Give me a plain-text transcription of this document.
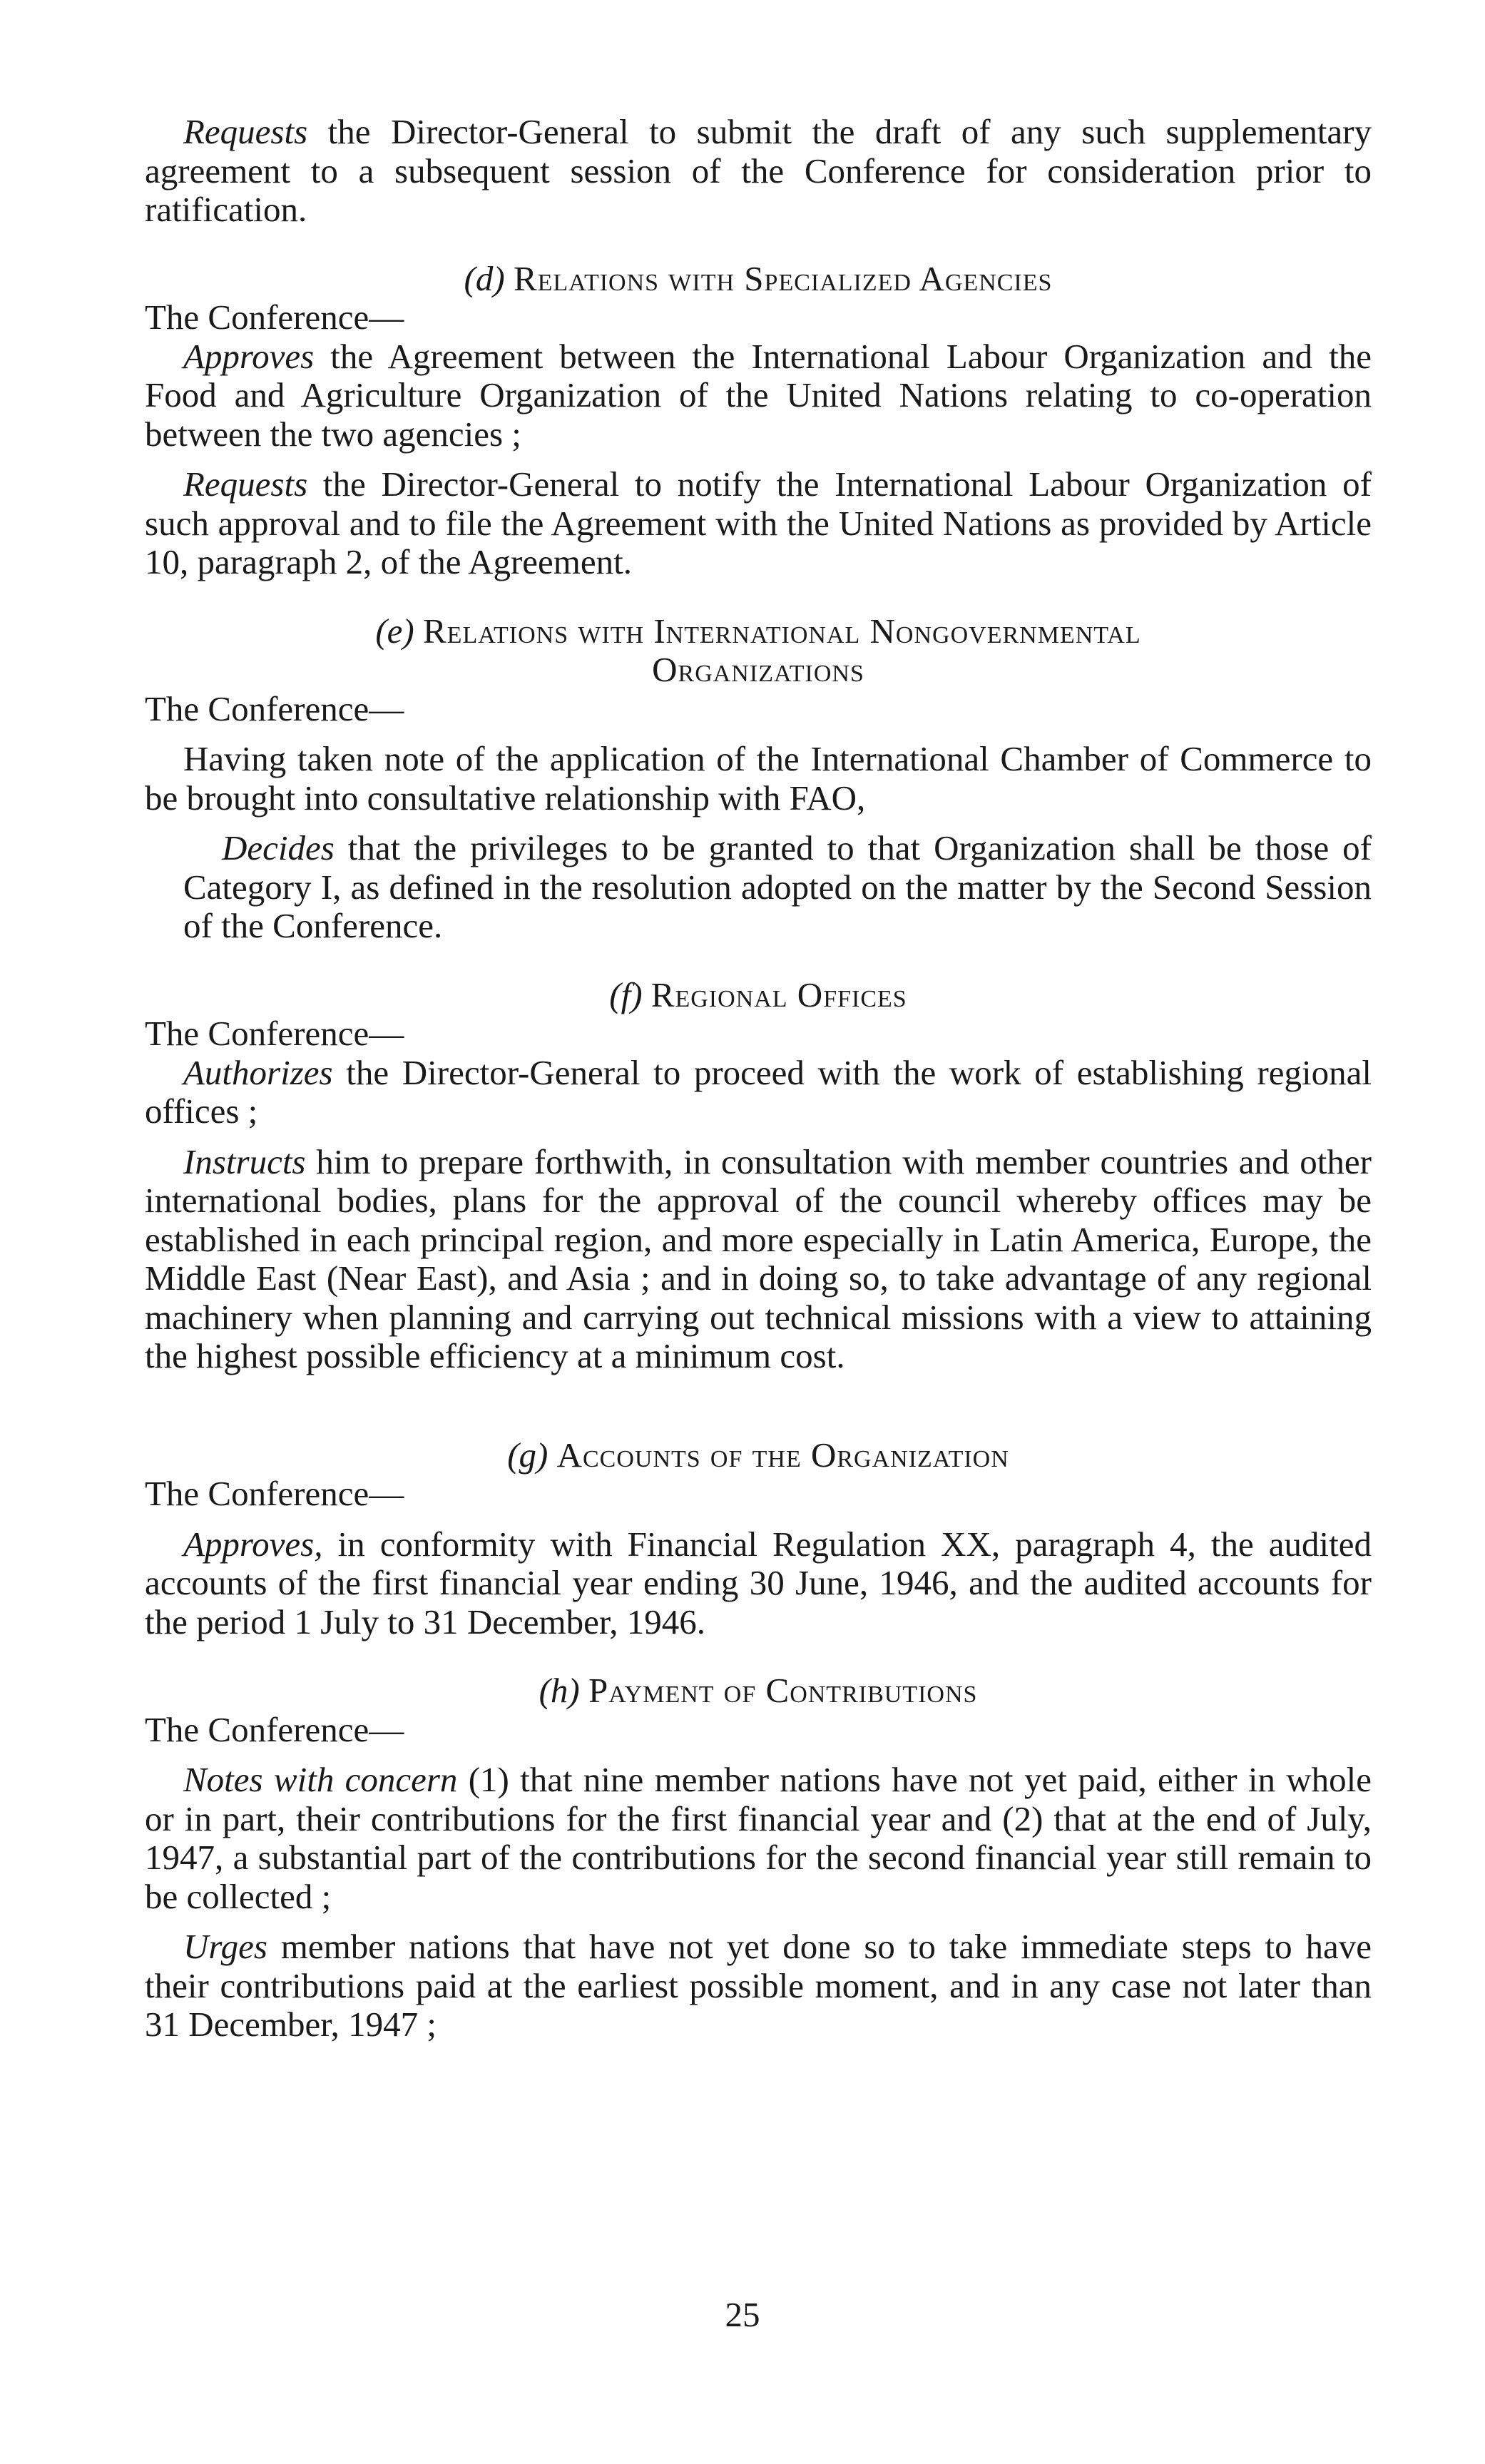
Requests the Director-General to submit the draft of any such supplementary agreement to a subsequent session of the Conference for consideration prior to ratification.

(d) Relations with Specialized Agencies

The Conference—

Approves the Agreement between the International Labour Organization and the Food and Agriculture Organization of the United Nations relating to co-operation between the two agencies ;

Requests the Director-General to notify the International Labour Organization of such approval and to file the Agreement with the United Nations as provided by Article 10, paragraph 2, of the Agreement.

(e) Relations with International Nongovernmental
Organizations

The Conference—

Having taken note of the application of the International Chamber of Commerce to be brought into consultative relationship with FAO,

Decides that the privileges to be granted to that Organization shall be those of Category I, as defined in the resolution adopted on the matter by the Second Session of the Conference.

(f) Regional Offices

The Conference—

Authorizes the Director-General to proceed with the work of establishing regional offices ;

Instructs him to prepare forthwith, in consultation with member countries and other international bodies, plans for the approval of the council whereby offices may be established in each principal region, and more especially in Latin America, Europe, the Middle East (Near East), and Asia ; and in doing so, to take advantage of any regional machinery when planning and carrying out technical missions with a view to attaining the highest possible efficiency at a minimum cost.

(g) Accounts of the Organization

The Conference—

Approves, in conformity with Financial Regulation XX, paragraph 4, the audited accounts of the first financial year ending 30 June, 1946, and the audited accounts for the period 1 July to 31 December, 1946.

(h) Payment of Contributions

The Conference—

Notes with concern (1) that nine member nations have not yet paid, either in whole or in part, their contributions for the first financial year and (2) that at the end of July, 1947, a substantial part of the contributions for the second financial year still remain to be collected ;

Urges member nations that have not yet done so to take immediate steps to have their contributions paid at the earliest possible moment, and in any case not later than 31 December, 1947 ;

25
